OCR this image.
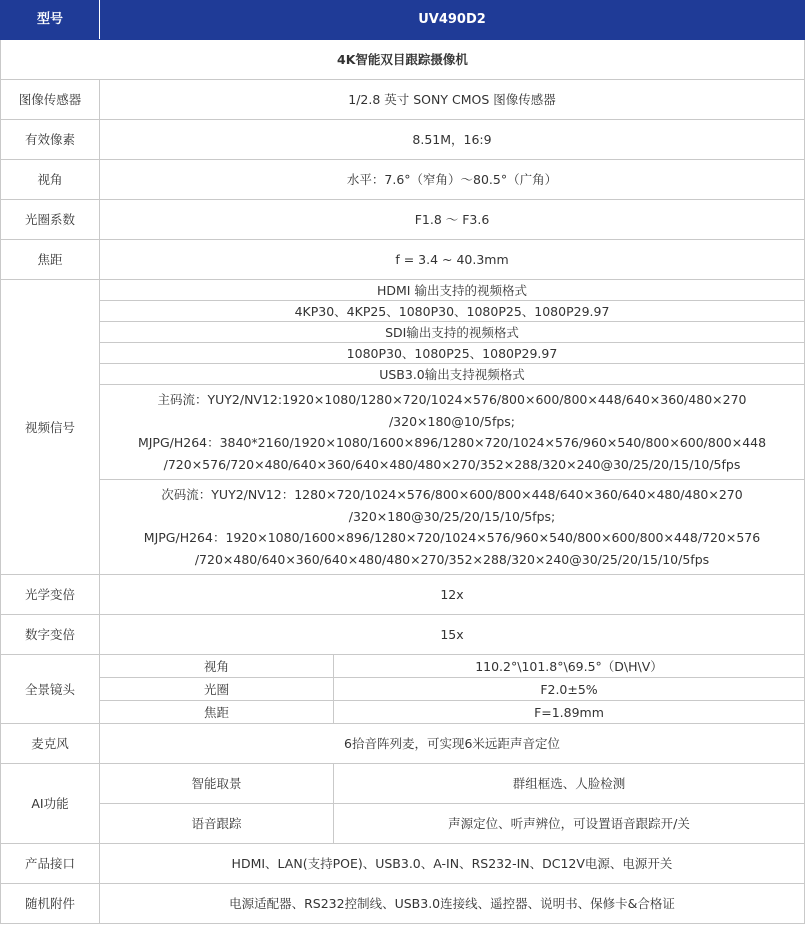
型号	UV490D2	
4K智能双目跟踪摄像机		
图像传感器	1/2.8 英寸 SONY CMOS 图像传感器	
有效像素	8.51M，16:9	
视角	水平：7.6°（窄角）～80.5°（广角）	
光圈系数	F1.8 ～ F3.6	
焦距	f = 3.4 ~ 40.3mm	
视频信号	HDMI 输出支持的视频格式	
	4KP30、4KP25、1080P30、1080P25、1080P29.97	
	SDI输出支持的视频格式	
	1080P30、1080P25、1080P29.97	
	USB3.0输出支持视频格式	

	主码流：YUY2/NV12:1920×1080/1280×720/1024×576/800×600/800×448/640×360/480×270
/320×180@10/5fps;
MJPG/H264：3840*2160/1920×1080/1600×896/1280×720/1024×576/960×540/800×600/800×448
/720×576/720×480/640×360/640×480/480×270/352×288/320×240@30/25/20/15/10/5fps	

	次码流：YUY2/NV12：1280×720/1024×576/800×600/800×448/640×360/640×480/480×270
/320×180@30/25/20/15/10/5fps;
MJPG/H264：1920×1080/1600×896/1280×720/1024×576/960×540/800×600/800×448/720×576
/720×480/640×360/640×480/480×270/352×288/320×240@30/25/20/15/10/5fps	

光学变倍	12x	
数字变倍	15x	
全景镜头	视角	110.2°\101.8°\69.5°（D\H\V）
	光圈	F2.0±5%
	焦距	F=1.89mm
麦克风	6拾音阵列麦，可实现6米远距声音定位	
AI功能	智能取景	群组框选、人脸检测
	语音跟踪	声源定位、听声辨位，可设置语音跟踪开/关
产品接口	HDMI、LAN(支持POE)、USB3.0、A-IN、RS232-IN、DC12V电源、电源开关	
随机附件	电源适配器、RS232控制线、USB3.0连接线、遥控器、说明书、保修卡&合格证	
